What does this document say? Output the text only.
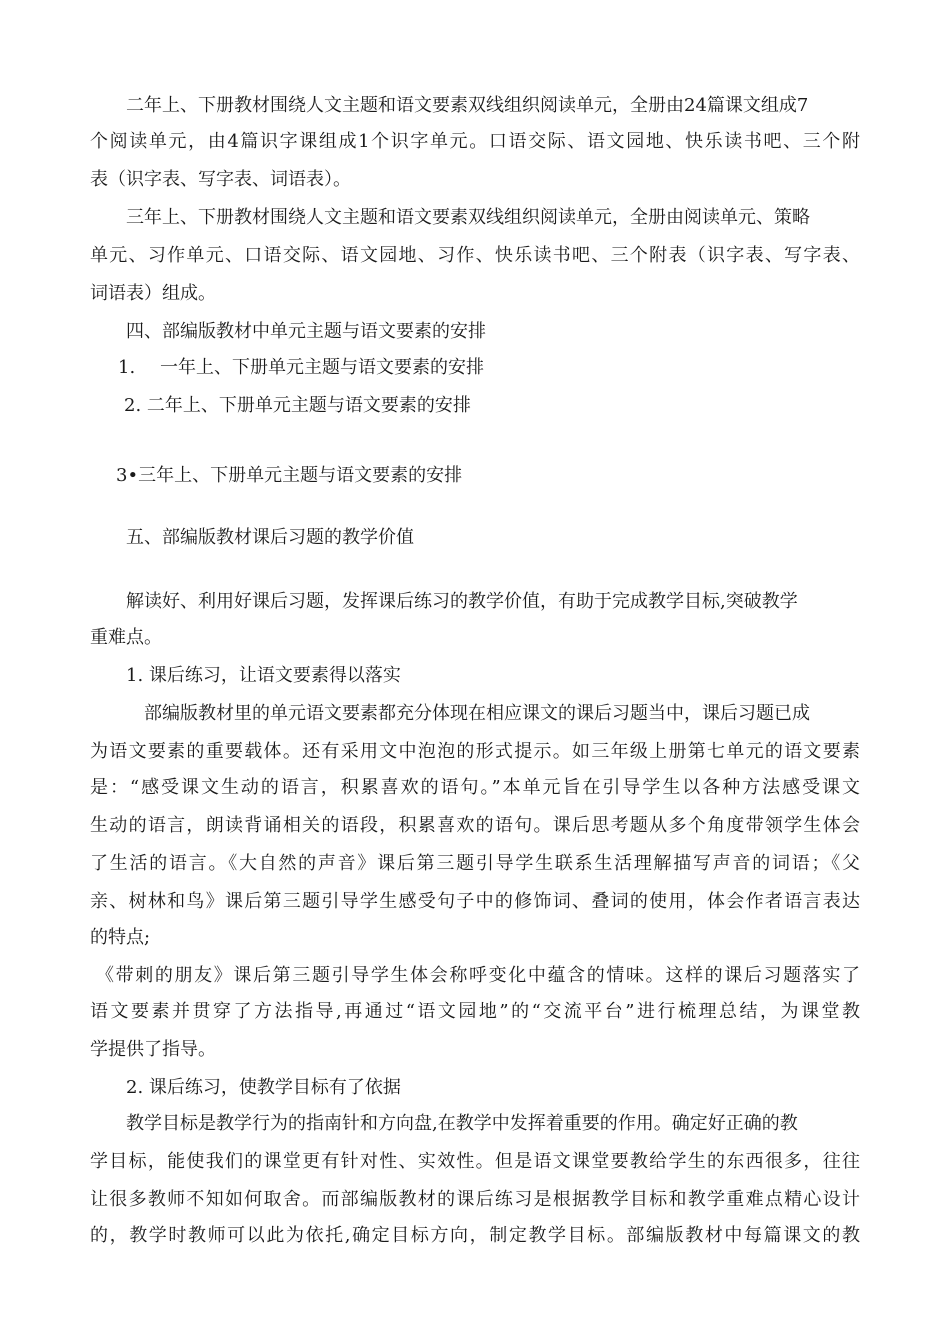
二年上、下册教材围绕人文主题和语文要素双线组织阅读单元，全册由24篇课文组成7

个阅读单元，由4篇识字课组成1个识字单元。口语交际、语文园地、快乐读书吧、三个附

表（识字表、写字表、词语表）。

三年上、下册教材围绕人文主题和语文要素双线组织阅读单元，全册由阅读单元、策略

单元、习作单元、口语交际、语文园地、习作、快乐读书吧、三个附表（识字表、写字表、

词语表）组成。

四、部编版教材中单元主题与语文要素的安排

1. 一年上、下册单元主题与语文要素的安排

2. 二年上、下册单元主题与语文要素的安排

3•三年上、下册单元主题与语文要素的安排

五、部编版教材课后习题的教学价值

解读好、利用好课后习题，发挥课后练习的教学价值，有助于完成教学目标,突破教学

重难点。

1. 课后练习，让语文要素得以落实

部编版教材里的单元语文要素都充分体现在相应课文的课后习题当中，课后习题已成

为语文要素的重要载体。还有采用文中泡泡的形式提示。如三年级上册第七单元的语文要素

是：“感受课文生动的语言，积累喜欢的语句。”本单元旨在引导学生以各种方法感受课文

生动的语言，朗读背诵相关的语段，积累喜欢的语句。课后思考题从多个角度带领学生体会

了生活的语言。《大自然的声音》课后第三题引导学生联系生活理解描写声音的词语；《父

亲、树林和鸟》课后第三题引导学生感受句子中的修饰词、叠词的使用，体会作者语言表达

的特点;

《带刺的朋友》课后第三题引导学生体会称呼变化中蕴含的情味。这样的课后习题落实了

语文要素并贯穿了方法指导,再通过“语文园地”的“交流平台”进行梳理总结，为课堂教

学提供了指导。

2. 课后练习，使教学目标有了依据

教学目标是教学行为的指南针和方向盘,在教学中发挥着重要的作用。确定好正确的教

学目标，能使我们的课堂更有针对性、实效性。但是语文课堂要教给学生的东西很多，往往

让很多教师不知如何取舍。而部编版教材的课后练习是根据教学目标和教学重难点精心设计

的，教学时教师可以此为依托,确定目标方向，制定教学目标。部编版教材中每篇课文的教
